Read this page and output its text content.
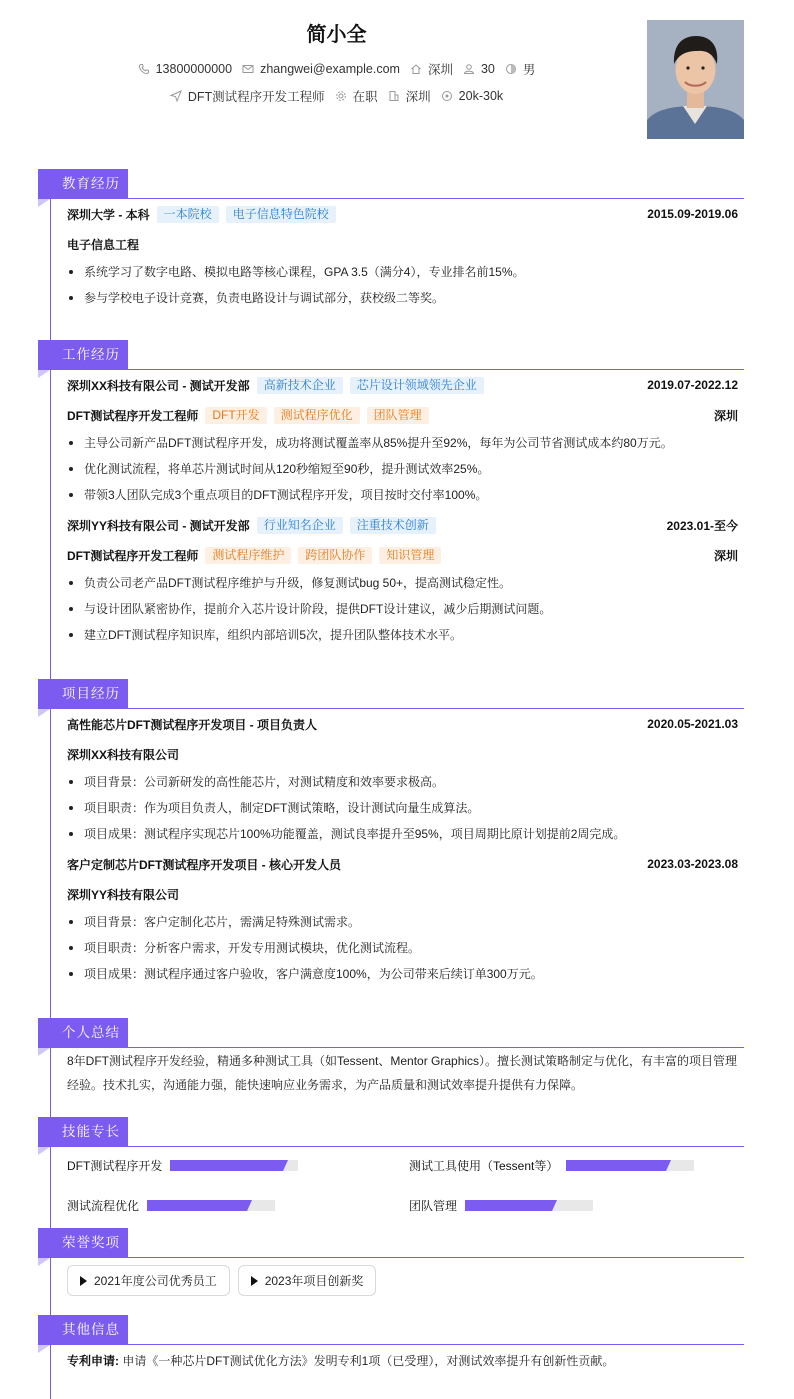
简小全
13800000000 zhangwei@example.com 深圳 30 男
DFT测试程序开发工程师 在职 深圳 20k-30k
教育经历
深圳大学 - 本科	一本院校	电子信息特色院校	2015.09-2019.06
电子信息工程
系统学习了数字电路、模拟电路等核心课程，GPA 3.5（满分4），专业排名前15%。
参与学校电子设计竞赛，负责电路设计与调试部分，获校级二等奖。
工作经历
深圳XX科技有限公司 - 测试开发部	高新技术企业	芯片设计领域领先企业	2019.07-2022.12
DFT测试程序开发工程师	DFT开发	测试程序优化	团队管理	深圳
主导公司新产品DFT测试程序开发，成功将测试覆盖率从85%提升至92%，每年为公司节省测试成本约80万元。
优化测试流程，将单芯片测试时间从120秒缩短至90秒，提升测试效率25%。
带领3人团队完成3个重点项目的DFT测试程序开发，项目按时交付率100%。
深圳YY科技有限公司 - 测试开发部	行业知名企业	注重技术创新	2023.01-至今
DFT测试程序开发工程师	测试程序维护	跨团队协作	知识管理	深圳
负责公司老产品DFT测试程序维护与升级，修复测试bug 50+，提高测试稳定性。
与设计团队紧密协作，提前介入芯片设计阶段，提供DFT设计建议，减少后期测试问题。
建立DFT测试程序知识库，组织内部培训5次，提升团队整体技术水平。
项目经历
高性能芯片DFT测试程序开发项目 - 项目负责人	2020.05-2021.03
深圳XX科技有限公司
项目背景：公司新研发的高性能芯片，对测试精度和效率要求极高。
项目职责：作为项目负责人，制定DFT测试策略，设计测试向量生成算法。
项目成果：测试程序实现芯片100%功能覆盖，测试良率提升至95%，项目周期比原计划提前2周完成。
客户定制芯片DFT测试程序开发项目 - 核心开发人员	2023.03-2023.08
深圳YY科技有限公司
项目背景：客户定制化芯片，需满足特殊测试需求。
项目职责：分析客户需求，开发专用测试模块，优化测试流程。
项目成果：测试程序通过客户验收，客户满意度100%，为公司带来后续订单300万元。
个人总结

8年DFT测试程序开发经验，精通多种测试工具（如Tessent、Mentor Graphics）。擅长测试策略制定与优化，有丰富的项目管理经验。技术扎实，沟通能力强，能快速响应业务需求，为产品质量和测试效率提升提供有力保障。

技能专长
DFT测试程序开发	测试工具使用（Tessent等）
测试流程优化	团队管理
荣誉奖项
2021年度公司优秀员工	2023年项目创新奖
其他信息

专利申请: 申请《一种芯片DFT测试优化方法》发明专利1项（已受理），对测试效率提升有创新性贡献。
